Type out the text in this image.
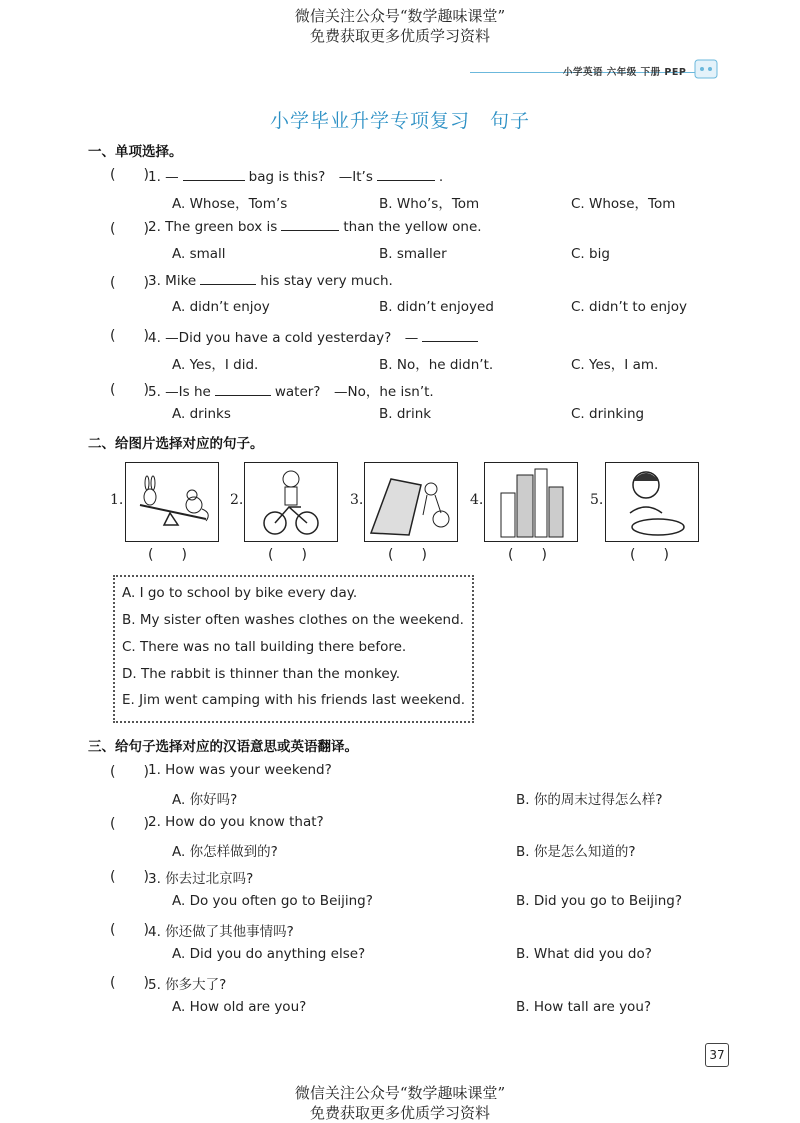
微信关注公众号“数学趣味课堂”
免费获取更多优质学习资料
小学英语 六年级 下册 PEP
小学毕业升学专项复习　句子
一、单项选择。
(　　) 1. —	bag is this?　—It’s	.
A. Whose，Tom’s	B. Who’s，Tom	C. Whose，Tom
(　　) 2. The green box is	than the yellow one.
A. small	B. smaller	C. big
(　　) 3. Mike	his stay very much.
A. didn’t enjoy	B. didn’t enjoyed	C. didn’t to enjoy
(　　) 4. —Did you have a cold yesterday?　—
A. Yes，I did.	B. No，he didn’t.	C. Yes，I am.
(　　) 5. —Is he	water?　—No，he isn’t.
A. drinks	B. drink	C. drinking
二、给图片选择对应的句子。
1.
(　　)
2.
(　　)
3.
(　　)
4.
(　　)
5.
(　　)
A. I go to school by bike every day.
B. My sister often washes clothes on the weekend.
C. There was no tall building there before.
D. The rabbit is thinner than the monkey.
E. Jim went camping with his friends last weekend.
三、给句子选择对应的汉语意思或英语翻译。
(　　) 1. How was your weekend?
A. 你好吗?	B. 你的周末过得怎么样?
(　　) 2. How do you know that?
A. 你怎样做到的?	B. 你是怎么知道的?
(　　) 3. 你去过北京吗?
A. Do you often go to Beijing?	B. Did you go to Beijing?
(　　) 4. 你还做了其他事情吗?
A. Did you do anything else?	B. What did you do?
(　　) 5. 你多大了?
A. How old are you?	B. How tall are you?
37
微信关注公众号“数学趣味课堂”
免费获取更多优质学习资料
